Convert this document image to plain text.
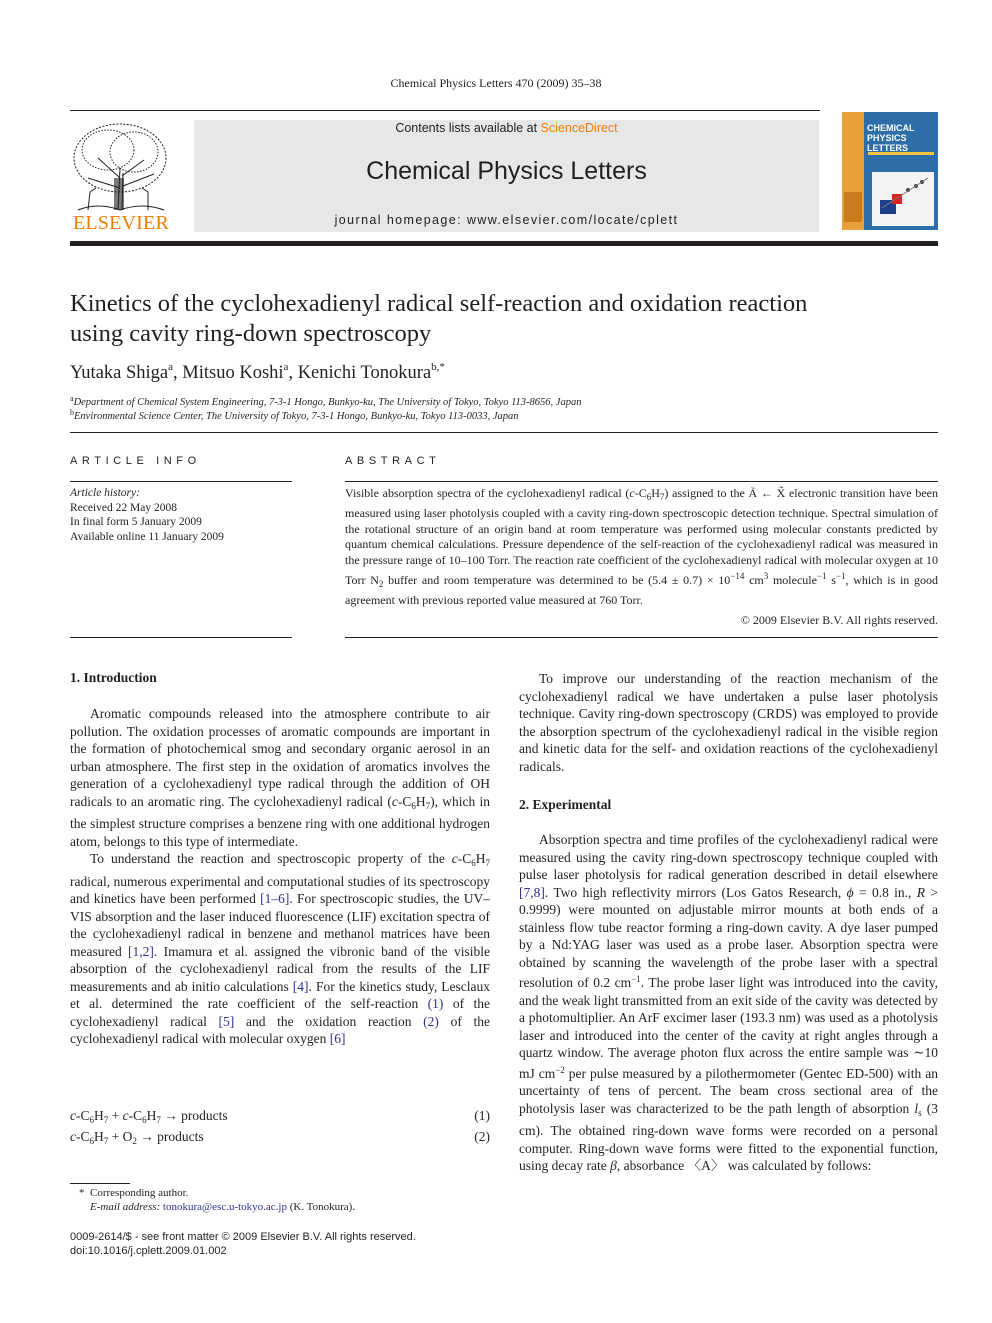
Chemical Physics Letters 470 (2009) 35–38
ELSEVIER
Contents lists available at ScienceDirect
Chemical Physics Letters
journal homepage: www.elsevier.com/locate/cplett
CHEMICAL
PHYSICS
LETTERS
Kinetics of the cyclohexadienyl radical self-reaction and oxidation reaction
using cavity ring-down spectroscopy
Yutaka Shiga$^a$, Mitsuo Koshi$^a$, Kenichi Tonokura$^{b,*}$
$^a$Department of Chemical System Engineering, 7-3-1 Hongo, Bunkyo-ku, The University of Tokyo, Tokyo 113-8656, Japan
$^b$Environmental Science Center, The University of Tokyo, 7-3-1 Hongo, Bunkyo-ku, Tokyo 113-0033, Japan
ARTICLE INFO
Article history:
Received 22 May 2008
In final form 5 January 2009
Available online 11 January 2009
ABSTRACT
Visible absorption spectra of the cyclohexadienyl radical $(c-C_6H_7)$ assigned to the Ã ← X̃ electronic transition have been measured using laser photolysis coupled with a cavity ring-down spectroscopic detection technique. Spectral simulation of the rotational structure of an origin band at room temperature was performed using molecular constants predicted by quantum chemical calculations. Pressure dependence of the self-reaction of the cyclohexadienyl radical was measured in the pressure range of 10–100 Torr. The reaction rate coefficient of the cyclohexadienyl radical with molecular oxygen at 10 Torr $N_2$ buffer and room temperature was determined to be $(5.4 \pm 0.7) \times 10^{-14}$ $cm^3$ molecule$^{-1}$ $s^{-1}$, which is in good agreement with previous reported value measured at 760 Torr.
© 2009 Elsevier B.V. All rights reserved.
1. Introduction

Aromatic compounds released into the atmosphere contribute to air pollution. The oxidation processes of aromatic compounds are important in the formation of photochemical smog and secondary organic aerosol in an urban atmosphere. The first step in the oxidation of aromatics involves the generation of a cyclohexadienyl type radical through the addition of OH radicals to an aromatic ring. The cyclohexadienyl radical $(c-C_6H_7)$, which in the simplest structure comprises a benzene ring with one additional hydrogen atom, belongs to this type of intermediate.

To understand the reaction and spectroscopic property of the $c-C_6H_7$ radical, numerous experimental and computational studies of its spectroscopy and kinetics have been performed [1–6]. For spectroscopic studies, the UV–VIS absorption and the laser induced fluorescence (LIF) excitation spectra of the cyclohexadienyl radical in benzene and methanol matrices have been measured [1,2]. Imamura et al. assigned the vibronic band of the visible absorption of the cyclohexadienyl radical from the results of the LIF measurements and ab initio calculations [4]. For the kinetics study, Lesclaux et al. determined the rate coefficient of the self-reaction (1) of the cyclohexadienyl radical [5] and the oxidation reaction (2) of the cyclohexadienyl radical with molecular oxygen [6]

$c-C_6H_7 + c-C_6H_7$ → products	(1)
$c-C_6H_7 + O_2$ → products	(2)
* Corresponding author.
E-mail address: tonokura@esc.u-tokyo.ac.jp (K. Tonokura).
0009-2614/$ - see front matter © 2009 Elsevier B.V. All rights reserved.
doi:10.1016/j.cplett.2009.01.002

To improve our understanding of the reaction mechanism of the cyclohexadienyl radical we have undertaken a pulse laser photolysis technique. Cavity ring-down spectroscopy (CRDS) was employed to provide the absorption spectrum of the cyclohexadienyl radical in the visible region and kinetic data for the self- and oxidation reactions of the cyclohexadienyl radicals.

2. Experimental

Absorption spectra and time profiles of the cyclohexadienyl radical were measured using the cavity ring-down spectroscopy technique coupled with pulse laser photolysis for radical generation described in detail elsewhere [7,8]. Two high reflectivity mirrors (Los Gatos Research, ϕ = 0.8 in., R > 0.9999) were mounted on adjustable mirror mounts at both ends of a stainless flow tube reactor forming a ring-down cavity. A dye laser pumped by a Nd:YAG laser was used as a probe laser. Absorption spectra were obtained by scanning the wavelength of the probe laser with a spectral resolution of 0.2 $cm^{-1}$. The probe laser light was introduced into the cavity, and the weak light transmitted from an exit side of the cavity was detected by a photomultiplier. An ArF excimer laser (193.3 nm) was used as a photolysis laser and introduced into the center of the cavity at right angles through a quartz window. The average photon flux across the entire sample was ∼10 mJ $cm^{-2}$ per pulse measured by a pilothermometer (Gentec ED-500) with an uncertainty of tens of percent. The beam cross sectional area of the photolysis laser was characterized to be the path length of absorption $l_s$ (3 cm). The obtained ring-down wave forms were recorded on a personal computer. Ring-down wave forms were fitted to the exponential function, using decay rate β, absorbance 〈A〉 was calculated by follows:
